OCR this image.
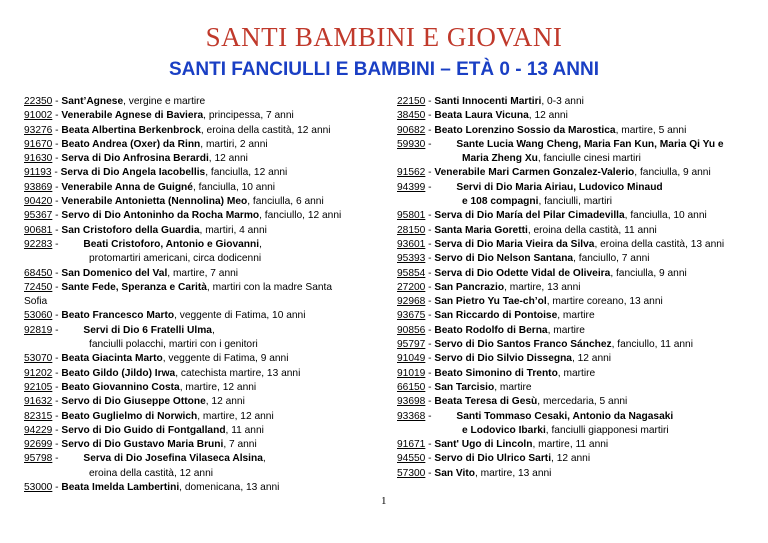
SANTI BAMBINI E GIOVANI
SANTI FANCIULLI E BAMBINI – ETÀ 0 - 13 ANNI
22350 - Sant’Agnese, vergine e martire
91002 - Venerabile Agnese di Baviera, principessa, 7 anni
93276 - Beata Albertina Berkenbrock, eroina della castità, 12 anni
91670 - Beato Andrea (Oxer) da Rinn, martiri, 2 anni
91630 - Serva di Dio Anfrosina Berardi, 12 anni
91193 - Serva di Dio Angela Iacobellis, fanciulla, 12 anni
93869 - Venerabile Anna de Guigné, fanciulla, 10 anni
90420 - Venerabile Antonietta (Nennolina) Meo, fanciulla, 6 anni
95367 - Servo di Dio Antoninho da Rocha Marmo, fanciullo, 12 anni
90681 - San Cristoforo della Guardia, martiri, 4 anni
92283 - Beati Cristoforo, Antonio e Giovanni,
protomartiri americani, circa dodicenni
68450 - San Domenico del Val, martire, 7 anni
72450 - Sante Fede, Speranza e Carità, martiri con la madre Santa
Sofia
53060 - Beato Francesco Marto, veggente di Fatima, 10 anni
92819 - Servi di Dio 6 Fratelli Ulma,
fanciulli polacchi, martiri con i genitori
53070 - Beata Giacinta Marto, veggente di Fatima, 9 anni
91202 - Beato Gildo (Jildo) Irwa, catechista martire, 13 anni
92105 - Beato Giovannino Costa, martire, 12 anni
91632 - Servo di Dio Giuseppe Ottone, 12 anni
82315 - Beato Guglielmo di Norwich, martire, 12 anni
94229 - Servo di Dio Guido di Fontgalland, 11 anni
92699 - Servo di Dio Gustavo Maria Bruni, 7 anni
95798 - Serva di Dio Josefina Vilaseca Alsina,
eroina della castità, 12 anni
53000 - Beata Imelda Lambertini, domenicana, 13 anni
22150 - Santi Innocenti Martiri, 0-3 anni
38450 - Beata Laura Vicuna, 12 anni
90682 - Beato Lorenzino Sossio da Marostica, martire, 5 anni
59930 - Sante Lucia Wang Cheng, Maria Fan Kun, Maria Qi Yu e
Maria Zheng Xu, fanciulle cinesi martiri
91562 - Venerabile Mari Carmen Gonzalez-Valerio, fanciulla, 9 anni
94399 - Servi di Dio Maria Airiau, Ludovico Minaud
e 108 compagni, fanciulli, martiri
95801 - Serva di Dio María del Pilar Cimadevilla, fanciulla, 10 anni
28150 - Santa Maria Goretti, eroina della castità, 11 anni
93601 - Serva di Dio Maria Vieira da Silva, eroina della castità, 13 anni
95393 - Servo di Dio Nelson Santana, fanciullo, 7 anni
95854 - Serva di Dio Odette Vidal de Oliveira, fanciulla, 9 anni
27200 - San Pancrazio, martire, 13 anni
92968 - San Pietro Yu Tae-ch’ol, martire coreano, 13 anni
93675 - San Riccardo di Pontoise, martire
90856 - Beato Rodolfo di Berna, martire
95797 - Servo di Dio Santos Franco Sánchez, fanciullo, 11 anni
91049 - Servo di Dio Silvio Dissegna, 12 anni
91019 - Beato Simonino di Trento, martire
66150 - San Tarcisio, martire
93698 - Beata Teresa di Gesù, mercedaria, 5 anni
93368 - Santi Tommaso Cesaki, Antonio da Nagasaki
e Lodovico Ibarki, fanciulli giapponesi martiri
91671 - Sant' Ugo di Lincoln, martire, 11 anni
94550 - Servo di Dio Ulrico Sarti, 12 anni
57300 - San Vito, martire, 13 anni
1
